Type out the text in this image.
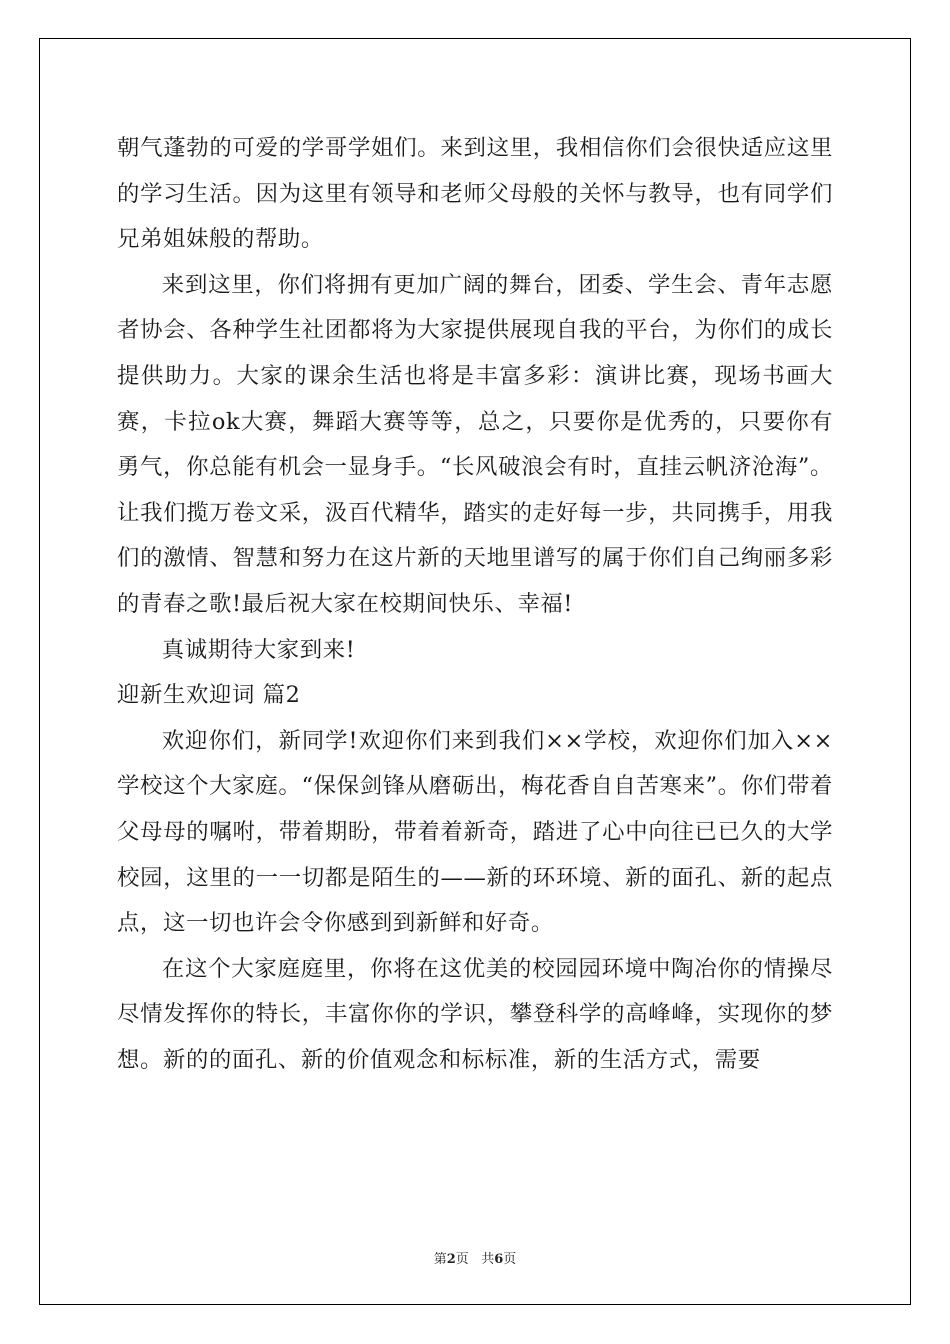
朝气蓬勃的可爱的学哥学姐们。来到这里，我相信你们会很快适应这里的学习生活。因为这里有领导和老师父母般的关怀与教导，也有同学们兄弟姐妹般的帮助。

来到这里，你们将拥有更加广阔的舞台，团委、学生会、青年志愿者协会、各种学生社团都将为大家提供展现自我的平台，为你们的成长提供助力。大家的课余生活也将是丰富多彩：演讲比赛，现场书画大赛，卡拉ok大赛，舞蹈大赛等等，总之，只要你是优秀的，只要你有勇气，你总能有机会一显身手。“长风破浪会有时，直挂云帆济沧海”。让我们揽万卷文采，汲百代精华，踏实的走好每一步，共同携手，用我们的激情、智慧和努力在这片新的天地里谱写的属于你们自己绚丽多彩的青春之歌!最后祝大家在校期间快乐、幸福!

真诚期待大家到来!

迎新生欢迎词 篇2

欢迎你们，新同学!欢迎你们来到我们××学校，欢迎你们加入××学校这个大家庭。“保保剑锋从磨砺出，梅花香自自苦寒来”。你们带着父母母的嘱咐，带着期盼，带着着新奇，踏进了心中向往已已久的大学校园，这里的一一切都是陌生的——新的环环境、新的面孔、新的起点点，这一切也许会令你感到到新鲜和好奇。

在这个大家庭庭里，你将在这优美的校园园环境中陶冶你的情操尽尽情发挥你的特长，丰富你你的学识，攀登科学的高峰峰，实现你的梦想。新的的面孔、新的价值观念和标标准，新的生活方式，需要

第2页 共6页
